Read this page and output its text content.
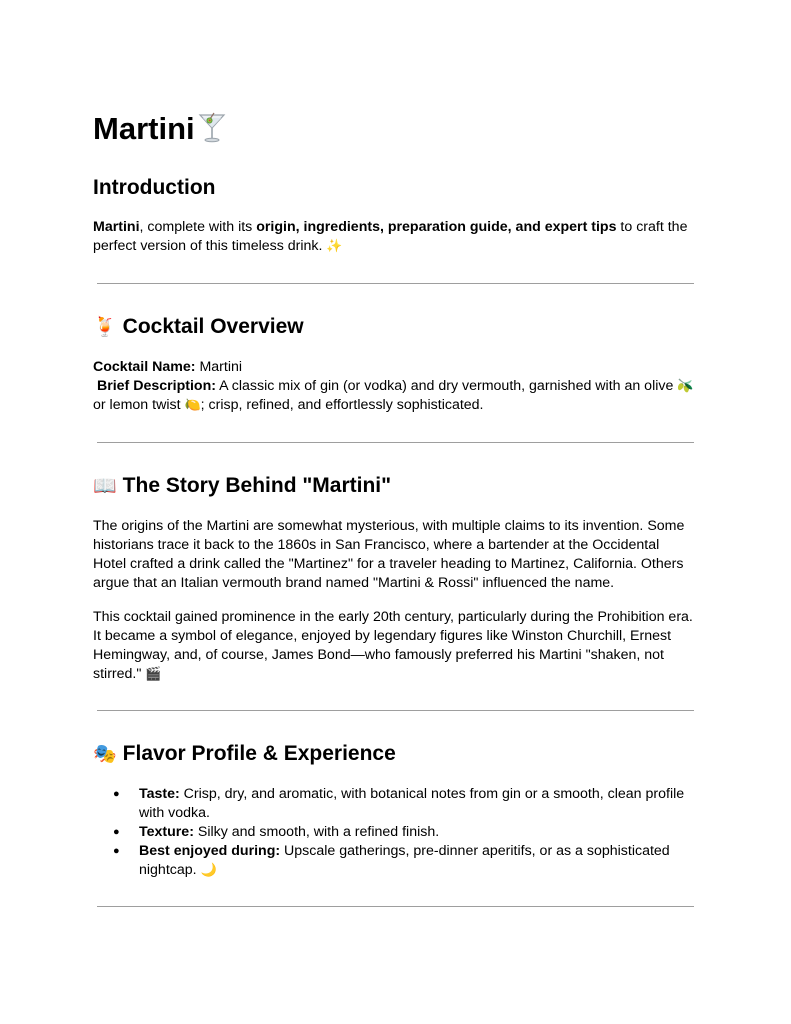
Martini
Introduction

Martini, complete with its origin, ingredients, preparation guide, and expert tips to craft the perfect version of this timeless drink. ✨

🍹 Cocktail Overview

Cocktail Name: Martini
Brief Description: A classic mix of gin (or vodka) and dry vermouth, garnished with an olive 🫒 or lemon twist 🍋; crisp, refined, and effortlessly sophisticated.

📖 The Story Behind "Martini"

The origins of the Martini are somewhat mysterious, with multiple claims to its invention. Some historians trace it back to the 1860s in San Francisco, where a bartender at the Occidental Hotel crafted a drink called the "Martinez" for a traveler heading to Martinez, California. Others argue that an Italian vermouth brand named "Martini & Rossi" influenced the name.

This cocktail gained prominence in the early 20th century, particularly during the Prohibition era. It became a symbol of elegance, enjoyed by legendary figures like Winston Churchill, Ernest Hemingway, and, of course, James Bond—who famously preferred his Martini "shaken, not stirred." 🎬

🎭 Flavor Profile & Experience
● Taste: Crisp, dry, and aromatic, with botanical notes from gin or a smooth, clean profile with vodka.
● Texture: Silky and smooth, with a refined finish.
● Best enjoyed during: Upscale gatherings, pre-dinner aperitifs, or as a sophisticated nightcap. 🌙
